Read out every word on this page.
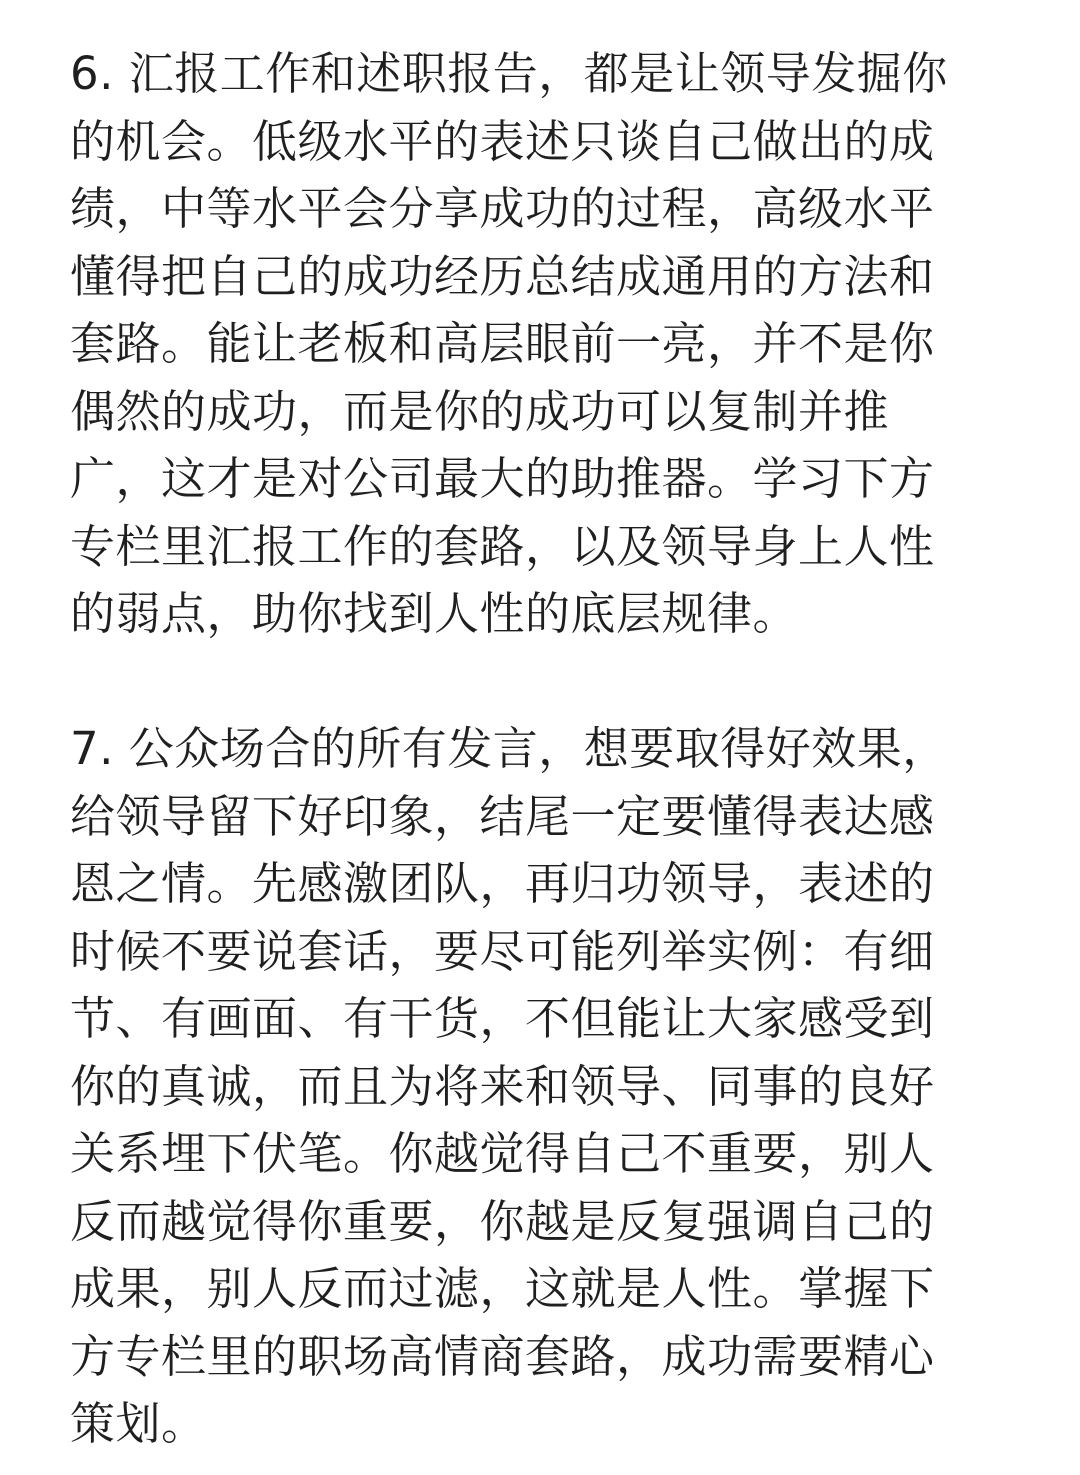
6. 汇报工作和述职报告，都是让领导发掘你
的机会。低级水平的表述只谈自己做出的成
绩，中等水平会分享成功的过程，高级水平
懂得把自己的成功经历总结成通用的方法和
套路。能让老板和高层眼前一亮，并不是你
偶然的成功，而是你的成功可以复制并推
广，这才是对公司最大的助推器。学习下方
专栏里汇报工作的套路，以及领导身上人性
的弱点，助你找到人性的底层规律。

7. 公众场合的所有发言，想要取得好效果，
给领导留下好印象，结尾一定要懂得表达感
恩之情。先感激团队，再归功领导，表述的
时候不要说套话，要尽可能列举实例：有细
节、有画面、有干货，不但能让大家感受到
你的真诚，而且为将来和领导、同事的良好
关系埋下伏笔。你越觉得自己不重要，别人
反而越觉得你重要，你越是反复强调自己的
成果，别人反而过滤，这就是人性。掌握下
方专栏里的职场高情商套路，成功需要精心
策划。
